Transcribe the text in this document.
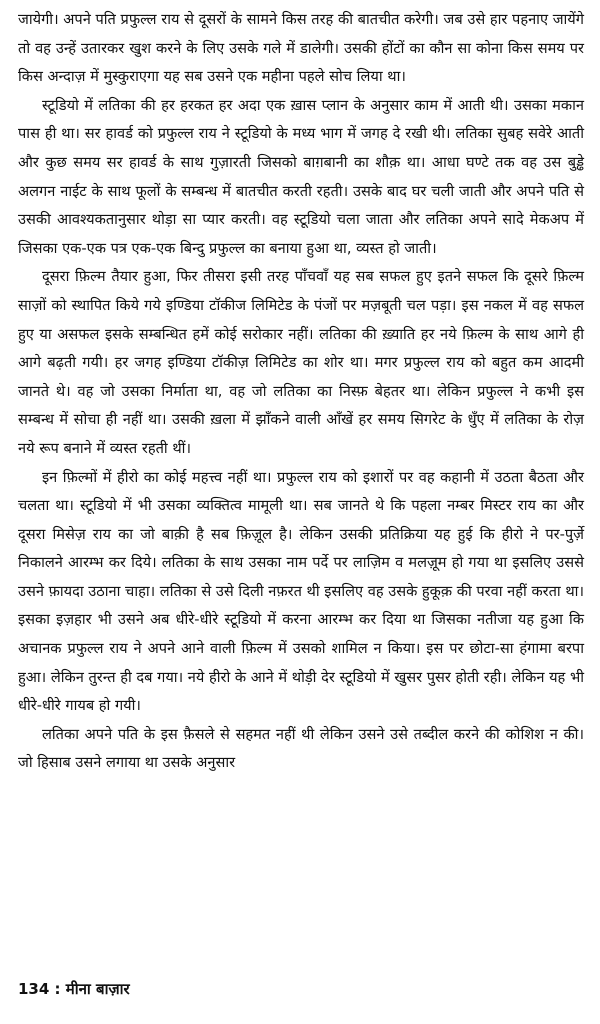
जायेगी। अपने पति प्रफुल्ल राय से दूसरों के सामने किस तरह की बातचीत करेगी। जब उसे हार पहनाए जायेंगे तो वह उन्हें उतारकर खुश करने के लिए उसके गले में डालेगी। उसकी होंटों का कौन सा कोना किस समय पर किस अन्दाज़ में मुस्कुराएगा यह सब उसने एक महीना पहले सोच लिया था।

स्टूडियो में लतिका की हर हरकत हर अदा एक ख़ास प्लान के अनुसार काम में आती थी। उसका मकान पास ही था। सर हावर्ड को प्रफुल्ल राय ने स्टूडियो के मध्य भाग में जगह दे रखी थी। लतिका सुबह सवेरे आती और कुछ समय सर हावर्ड के साथ गुज़ारती जिसको बाग़बानी का शौक़ था। आधा घण्टे तक वह उस बुड्ढे अलगन नाईट के साथ फूलों के सम्बन्ध में बातचीत करती रहती। उसके बाद घर चली जाती और अपने पति से उसकी आवश्यकतानुसार थोड़ा सा प्यार करती। वह स्टूडियो चला जाता और लतिका अपने सादे मेकअप में जिसका एक-एक पत्र एक-एक बिन्दु प्रफुल्ल का बनाया हुआ था, व्यस्त हो जाती।

दूसरा फ़िल्म तैयार हुआ, फिर तीसरा इसी तरह पाँचवाँ यह सब सफल हुए इतने सफल कि दूसरे फ़िल्म साज़ों को स्थापित किये गये इण्डिया टॉकीज लिमिटेड के पंजों पर मज़बूती चल पड़ा। इस नकल में वह सफल हुए या असफल इसके सम्बन्धित हमें कोई सरोकार नहीं। लतिका की ख़्याति हर नये फ़िल्म के साथ आगे ही आगे बढ़ती गयी। हर जगह इण्डिया टॉकीज़ लिमिटेड का शोर था। मगर प्रफुल्ल राय को बहुत कम आदमी जानते थे। वह जो उसका निर्माता था, वह जो लतिका का निस्फ़ बेहतर था। लेकिन प्रफुल्ल ने कभी इस सम्बन्ध में सोचा ही नहीं था। उसकी ख़ला में झाँकने वाली आँखें हर समय सिगरेट के धुँए में लतिका के रोज़ नये रूप बनाने में व्यस्त रहती थीं।

इन फ़िल्मों में हीरो का कोई महत्त्व नहीं था। प्रफुल्ल राय को इशारों पर वह कहानी में उठता बैठता और चलता था। स्टूडियो में भी उसका व्यक्तित्व मामूली था। सब जानते थे कि पहला नम्बर मिस्टर राय का और दूसरा मिसेज़ राय का जो बाक़ी है सब फ़िज़ूल है। लेकिन उसकी प्रतिक्रिया यह हुई कि हीरो ने पर-पुर्ज़े निकालने आरम्भ कर दिये। लतिका के साथ उसका नाम पर्दे पर लाज़िम व मलज़ूम हो गया था इसलिए उससे उसने फ़ायदा उठाना चाहा। लतिका से उसे दिली नफ़रत थी इसलिए वह उसके हुकूक़ की परवा नहीं करता था। इसका इज़हार भी उसने अब धीरे-धीरे स्टूडियो में करना आरम्भ कर दिया था जिसका नतीजा यह हुआ कि अचानक प्रफुल्ल राय ने अपने आने वाली फ़िल्म में उसको शामिल न किया। इस पर छोटा-सा हंगामा बरपा हुआ। लेकिन तुरन्त ही दब गया। नये हीरो के आने में थोड़ी देर स्टूडियो में खुसर पुसर होती रही। लेकिन यह भी धीरे-धीरे गायब हो गयी।

लतिका अपने पति के इस फ़ैसले से सहमत नहीं थी लेकिन उसने उसे तब्दील करने की कोशिश न की। जो हिसाब उसने लगाया था उसके अनुसार

134 : मीना बाज़ार
